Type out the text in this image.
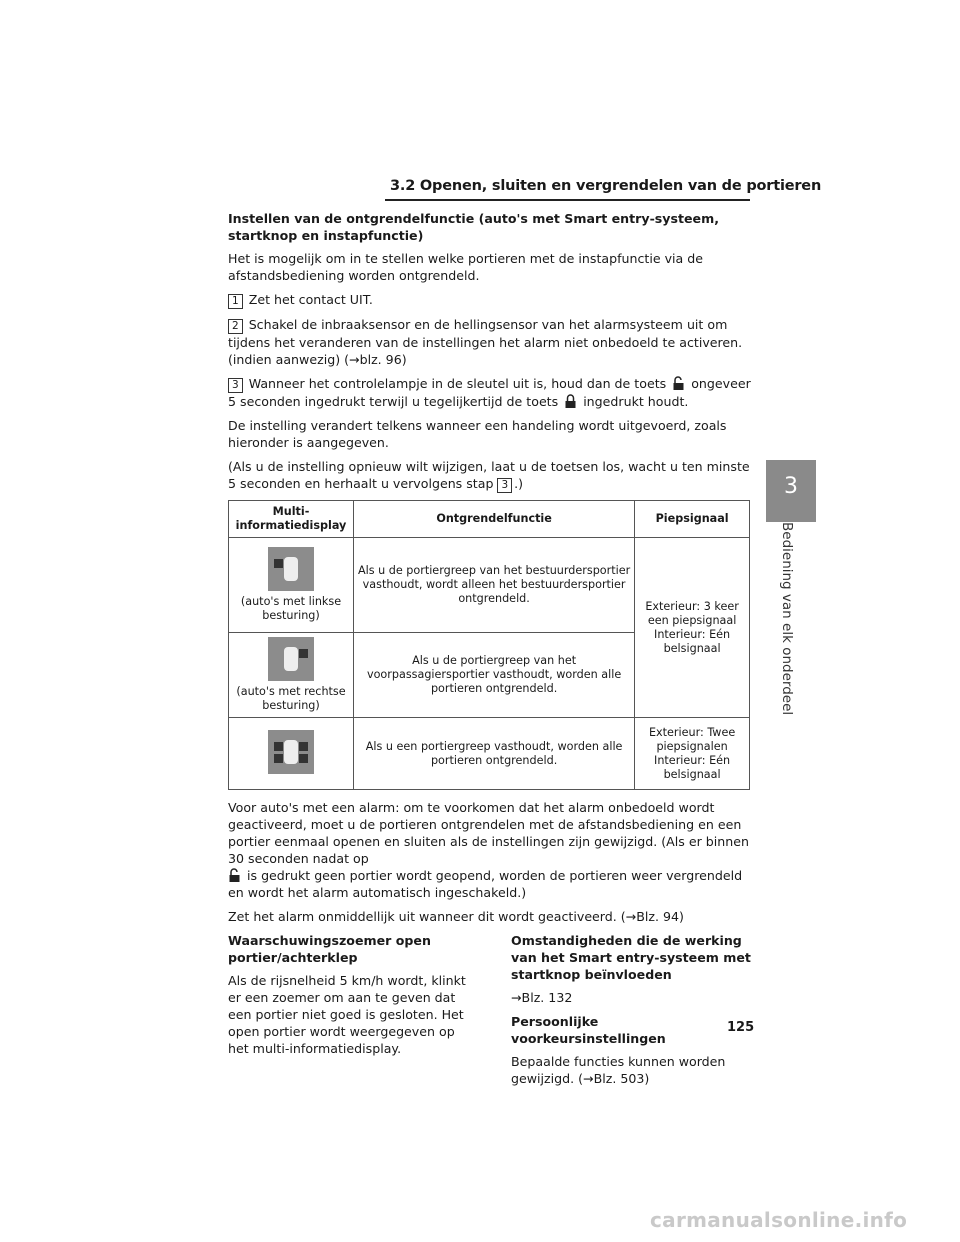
3.2 Openen, sluiten en vergrendelen van de portieren
3
Bediening van elk onderdeel

Instellen van de ontgrendelfunctie (auto's met Smart entry-systeem, startknop en instapfunctie)

Het is mogelijk om in te stellen welke portieren met de instapfunctie via de afstandsbediening worden ontgrendeld.

1 Zet het contact UIT.

2 Schakel de inbraaksensor en de hellingsensor van het alarmsysteem uit om tijdens het veranderen van de instellingen het alarm niet onbedoeld te activeren. (indien aanwezig) (→blz. 96)

3 Wanneer het controlelampje in de sleutel uit is, houd dan de toets ongeveer 5 seconden ingedrukt terwijl u tegelijkertijd de toets ingedrukt houdt.

De instelling verandert telkens wanneer een handeling wordt uitgevoerd, zoals hieronder is aangegeven.

(Als u de instelling opnieuw wilt wijzigen, laat u de toetsen los, wacht u ten minste 5 seconden en herhaalt u vervolgens stap 3 .)

Multi-informatiedisplay	Ontgrendelfunctie	Piepsignaal

(auto's met linkse besturing)	Als u de portiergreep van het bestuurdersportier vasthoudt, wordt alleen het bestuurdersportier ontgrendeld.	Exterieur: 3 keer een piepsignaal
Interieur: Eén belsignaal

(auto's met rechtse besturing)	Als u de portiergreep van het voorpassagiersportier vasthoudt, worden alle portieren ontgrendeld.	

	Als u een portiergreep vasthoudt, worden alle portieren ontgrendeld.	Exterieur: Twee piepsignalen
Interieur: Eén belsignaal

Voor auto's met een alarm: om te voorkomen dat het alarm onbedoeld wordt geactiveerd, moet u de portieren ontgrendelen met de afstandsbediening en een portier eenmaal openen en sluiten als de instellingen zijn gewijzigd. (Als er binnen 30 seconden nadat op
is gedrukt geen portier wordt geopend, worden de portieren weer vergrendeld en wordt het alarm automatisch ingeschakeld.)

Zet het alarm onmiddellijk uit wanneer dit wordt geactiveerd. (→Blz. 94)

Waarschuwingszoemer open portier/achterklep

Als de rijsnelheid 5 km/h wordt, klinkt er een zoemer om aan te geven dat een portier niet goed is gesloten. Het open portier wordt weergegeven op het multi-informatiedisplay.

Omstandigheden die de werking van het Smart entry-systeem met startknop beïnvloeden

→Blz. 132

Persoonlijke voorkeursinstellingen

Bepaalde functies kunnen worden gewijzigd. (→Blz. 503)

125
carmanualsonline.info
